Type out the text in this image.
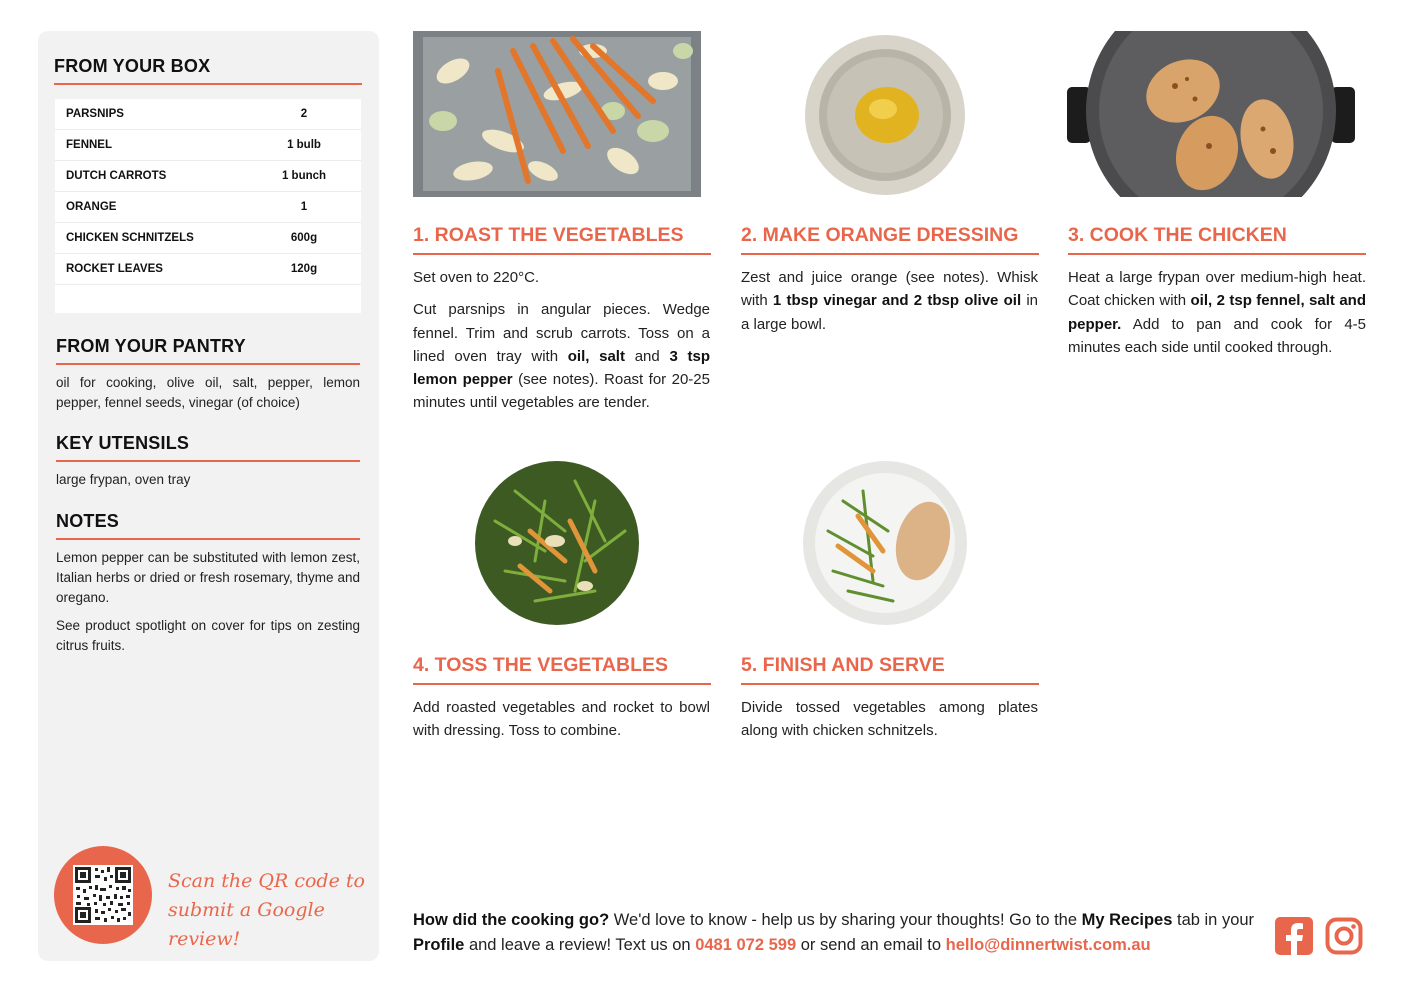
FROM YOUR BOX
PARSNIPS	2
FENNEL	1 bulb
DUTCH CARROTS	1 bunch
ORANGE	1
CHICKEN SCHNITZELS	600g
ROCKET LEAVES	120g
FROM YOUR PANTRY
oil for cooking, olive oil, salt, pepper, lemon pepper, fennel seeds, vinegar (of choice)
KEY UTENSILS
large frypan, oven tray
NOTES
Lemon pepper can be substituted with lemon zest, Italian herbs or dried or fresh rosemary, thyme and oregano.
See product spotlight on cover for tips on zesting citrus fruits.
Scan the QR code to
submit a Google review!
1. ROAST THE VEGETABLES	2. MAKE ORANGE DRESSING	3. COOK THE CHICKEN
4. TOSS THE VEGETABLES	5. FINISH AND SERVE

Set oven to 220°C.

Cut parsnips in angular pieces. Wedge fennel. Trim and scrub carrots. Toss on a lined oven tray with oil, salt and 3 tsp lemon pepper (see notes). Roast for 20-25 minutes until vegetables are tender.

Zest and juice orange (see notes). Whisk with 1 tbsp vinegar and 2 tbsp olive oil in a large bowl.

Heat a large frypan over medium-high heat. Coat chicken with oil, 2 tsp fennel, salt and pepper. Add to pan and cook for 4-5 minutes each side until cooked through.

Add roasted vegetables and rocket to bowl with dressing. Toss to combine.

Divide tossed vegetables among plates along with chicken schnitzels.

How did the cooking go? We'd love to know - help us by sharing your thoughts! Go to the My Recipes tab in your Profile and leave a review! Text us on 0481 072 599 or send an email to hello@dinnertwist.com.au
